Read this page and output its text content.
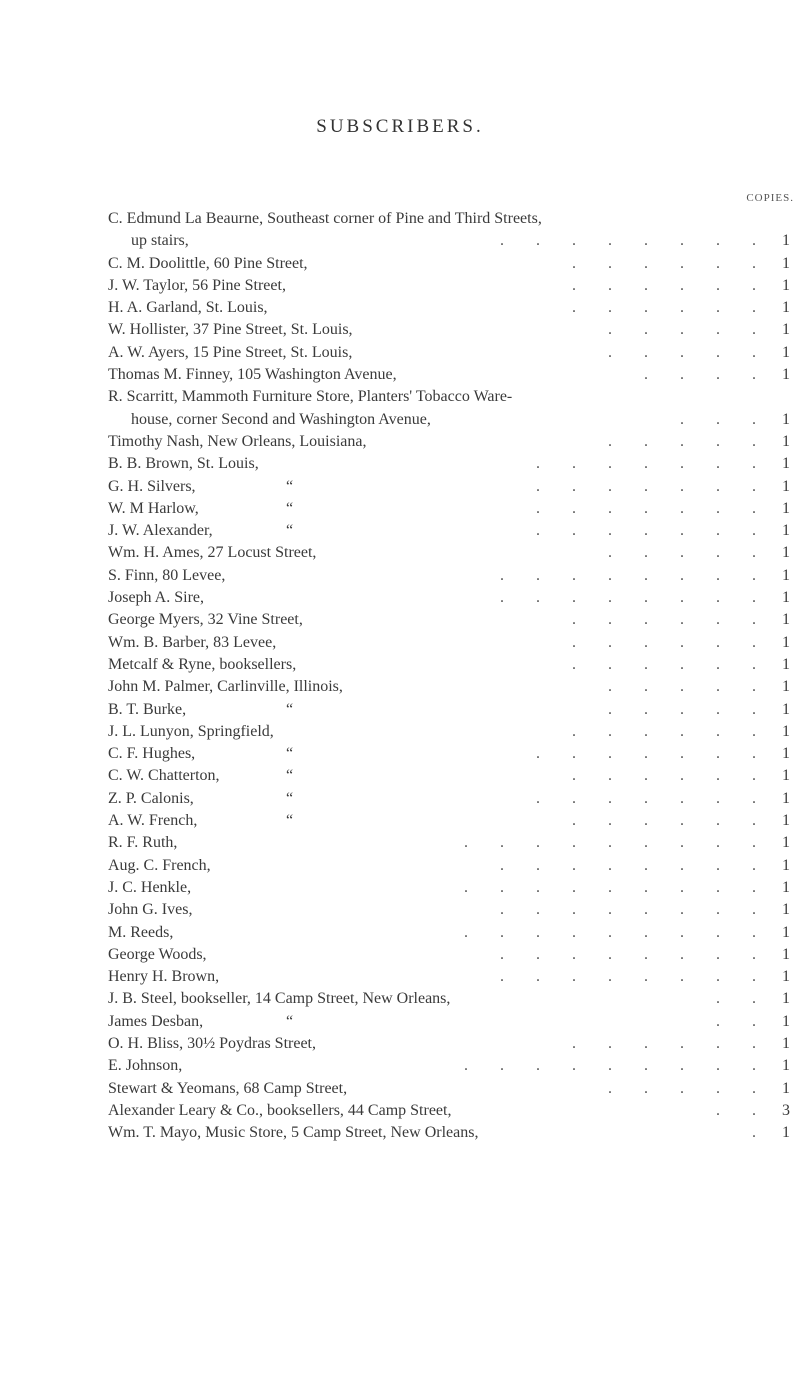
SUBSCRIBERS.
COPIES.
C. Edmund La Beaurne, Southeast corner of Pine and Third Streets,
up stairs,	. . . . . . . . 1
C. M. Doolittle, 60 Pine Street,	. . . . . . 1
J. W. Taylor, 56 Pine Street,	. . . . . . 1
H. A. Garland, St. Louis,	. . . . . . 1
W. Hollister, 37 Pine Street, St. Louis,	. . . . . 1
A. W. Ayers, 15 Pine Street, St. Louis,	. . . . . 1
Thomas M. Finney, 105 Washington Avenue,	. . . . 1
R. Scarritt, Mammoth Furniture Store, Planters' Tobacco Ware-
house, corner Second and Washington Avenue,	. . . 1
Timothy Nash, New Orleans, Louisiana,	. . . . . 1
B. B. Brown, St. Louis,	. . . . . . . 1
G. H. Silvers,	“	. . . . . . . 1
W. M Harlow,	“	. . . . . . . 1
J. W. Alexander,	“	. . . . . . . 1
Wm. H. Ames, 27 Locust Street,	. . . . . 1
S. Finn, 80 Levee,	. . . . . . . . 1
Joseph A. Sire,	. . . . . . . . 1
George Myers, 32 Vine Street,	. . . . . . 1
Wm. B. Barber, 83 Levee,	. . . . . . 1
Metcalf & Ryne, booksellers,	. . . . . . 1
John M. Palmer, Carlinville, Illinois,	. . . . . 1
B. T. Burke,	“	. . . . . 1
J. L. Lunyon, Springfield,	. . . . . . 1
C. F. Hughes,	“	. . . . . . . 1
C. W. Chatterton,	“	. . . . . . 1
Z. P. Calonis,	“	. . . . . . . 1
A. W. French,	“	. . . . . . 1
R. F. Ruth,	. . . . . . . . . 1
Aug. C. French,	. . . . . . . . 1
J. C. Henkle,	. . . . . . . . . 1
John G. Ives,	. . . . . . . . 1
M. Reeds,	. . . . . . . . . 1
George Woods,	. . . . . . . . 1
Henry H. Brown,	. . . . . . . . 1
J. B. Steel, bookseller, 14 Camp Street, New Orleans,	. . 1
James Desban,	“	. . 1
O. H. Bliss, 30½ Poydras Street,	. . . . . . 1
E. Johnson,	. . . . . . . . . 1
Stewart & Yeomans, 68 Camp Street,	. . . . . 1
Alexander Leary & Co., booksellers, 44 Camp Street,	. . 3
Wm. T. Mayo, Music Store, 5 Camp Street, New Orleans,	. 1
